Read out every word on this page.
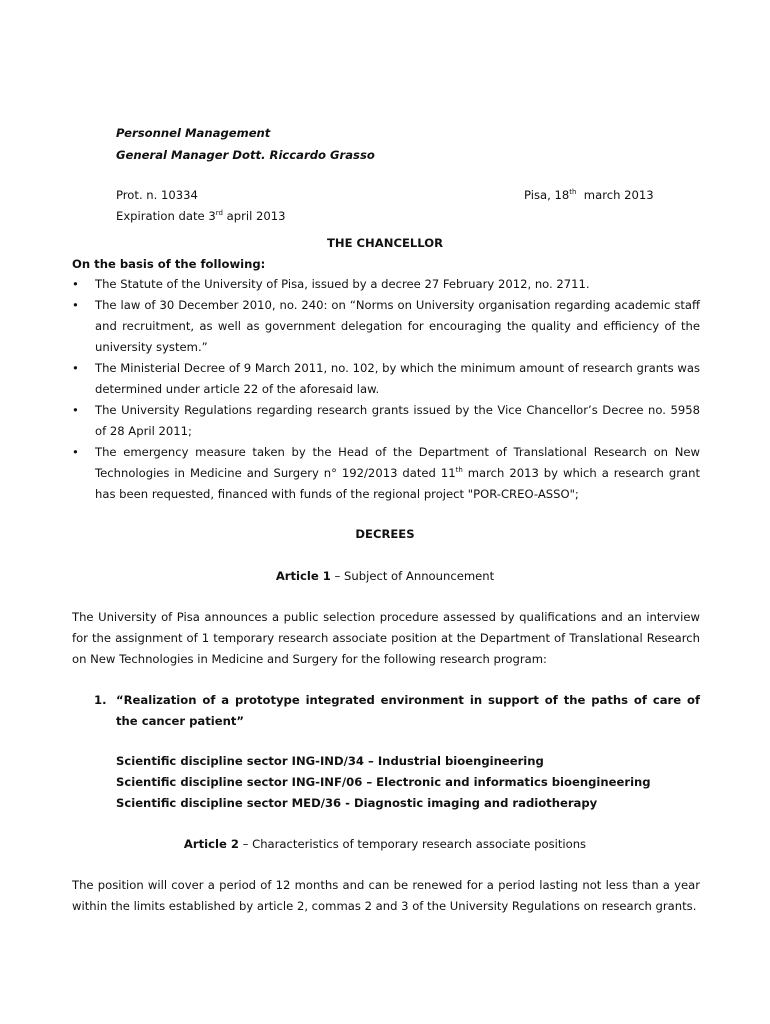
Personnel Management
General Manager Dott. Riccardo Grasso
Prot. n. 10334	Pisa, 18th  march 2013
Expiration date 3rd april 2013
THE CHANCELLOR
On the basis of the following:
• The Statute of the University of Pisa, issued by a decree 27 February 2012, no. 2711.
• The law of 30 December 2010, no. 240: on “Norms on University organisation regarding academic staff and recruitment, as well as government delegation for encouraging the quality and efficiency of the university system.”
• The Ministerial Decree of 9 March 2011, no. 102, by which the minimum amount of research grants was determined under article 22 of the aforesaid law.
• The University Regulations regarding research grants issued by the Vice Chancellor’s Decree no. 5958 of 28 April 2011;
• The emergency measure taken by the Head of the Department of Translational Research on New Technologies in Medicine and Surgery n° 192/2013 dated 11th march 2013 by which a research grant has been requested, financed with funds of the regional project "POR-CREO-ASSO";
DECREES
Article 1 – Subject of Announcement
The University of Pisa announces a public selection procedure assessed by qualifications and an interview for the assignment of 1 temporary research associate position at the Department of Translational Research on New Technologies in Medicine and Surgery for the following research program:
1. “Realization of a prototype integrated environment in support of the paths of care of the cancer patient”
Scientific discipline sector ING-IND/34 – Industrial bioengineering
Scientific discipline sector ING-INF/06 – Electronic and informatics bioengineering
Scientific discipline sector MED/36 - Diagnostic imaging and radiotherapy
Article 2 – Characteristics of temporary research associate positions
The position will cover a period of 12 months and can be renewed for a period lasting not less than a year within the limits established by article 2, commas 2 and 3 of the University Regulations on research grants.
